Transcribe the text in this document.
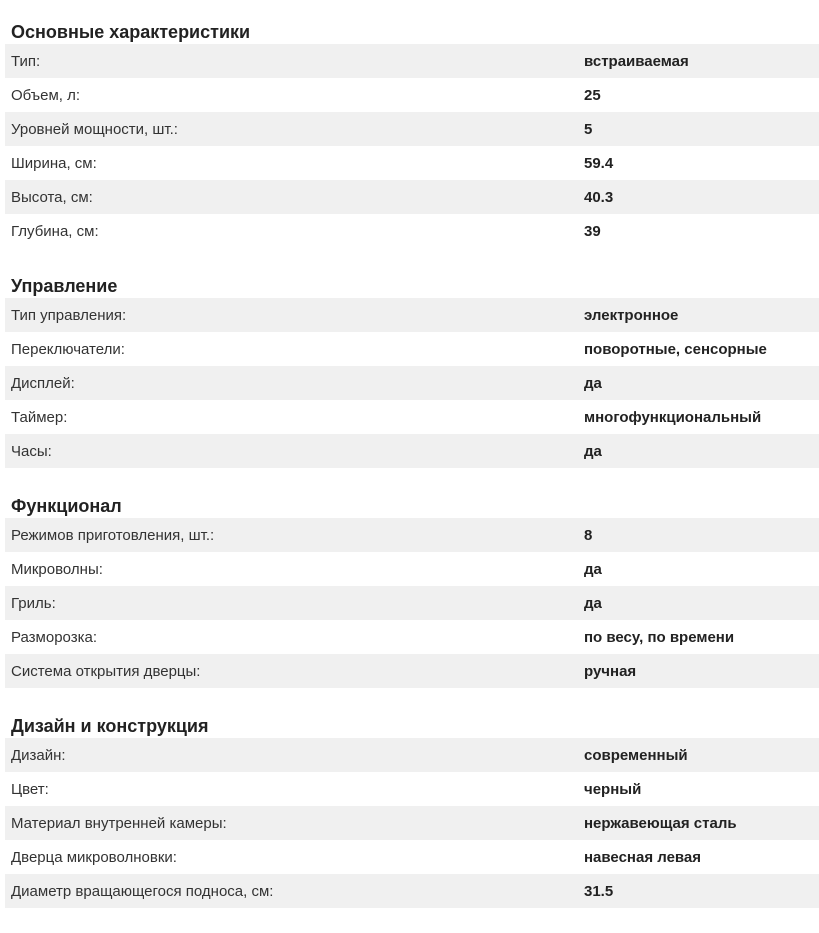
Основные характеристики
Тип:	встраиваемая
Объем, л:	25
Уровней мощности, шт.:	5
Ширина, см:	59.4
Высота, см:	40.3
Глубина, см:	39
Управление
Тип управления:	электронное
Переключатели:	поворотные, сенсорные
Дисплей:	да
Таймер:	многофункциональный
Часы:	да
Функционал
Режимов приготовления, шт.:	8
Микроволны:	да
Гриль:	да
Разморозка:	по весу, по времени
Система открытия дверцы:	ручная
Дизайн и конструкция
Дизайн:	современный
Цвет:	черный
Материал внутренней камеры:	нержавеющая сталь
Дверца микроволновки:	навесная левая
Диаметр вращающегося подноса, см:	31.5
